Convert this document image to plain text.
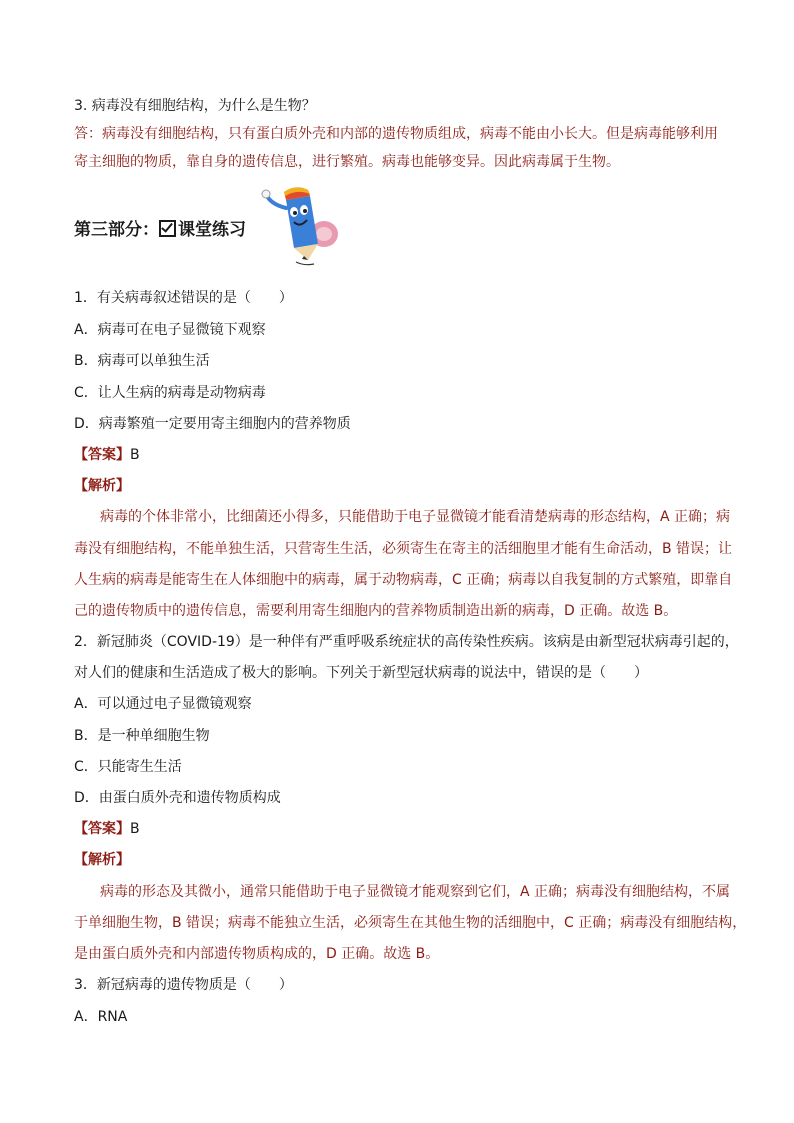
3. 病毒没有细胞结构，为什么是生物？
答：病毒没有细胞结构，只有蛋白质外壳和内部的遗传物质组成，病毒不能由小长大。但是病毒能够利用
寄主细胞的物质，靠自身的遗传信息，进行繁殖。病毒也能够变异。因此病毒属于生物。
第三部分： 课堂练习
1．有关病毒叙述错误的是（　　）
A．病毒可在电子显微镜下观察
B．病毒可以单独生活
C．让人生病的病毒是动物病毒
D．病毒繁殖一定要用寄主细胞内的营养物质
【答案】B
【解析】
病毒的个体非常小，比细菌还小得多，只能借助于电子显微镜才能看清楚病毒的形态结构，A 正确；病
毒没有细胞结构，不能单独生活，只营寄生生活，必须寄生在寄主的活细胞里才能有生命活动，B 错误；让
人生病的病毒是能寄生在人体细胞中的病毒，属于动物病毒，C 正确；病毒以自我复制的方式繁殖，即靠自
己的遗传物质中的遗传信息，需要利用寄生细胞内的营养物质制造出新的病毒，D 正确。故选 B。
2．新冠肺炎（COVID-19）是一种伴有严重呼吸系统症状的高传染性疾病。该病是由新型冠状病毒引起的，
对人们的健康和生活造成了极大的影响。下列关于新型冠状病毒的说法中，错误的是（　　）
A．可以通过电子显微镜观察
B．是一种单细胞生物
C．只能寄生生活
D．由蛋白质外壳和遗传物质构成
【答案】B
【解析】
病毒的形态及其微小，通常只能借助于电子显微镜才能观察到它们，A 正确；病毒没有细胞结构，不属
于单细胞生物，B 错误；病毒不能独立生活，必须寄生在其他生物的活细胞中，C 正确；病毒没有细胞结构，
是由蛋白质外壳和内部遗传物质构成的，D 正确。故选 B。
3．新冠病毒的遗传物质是（　　）
A．RNA
